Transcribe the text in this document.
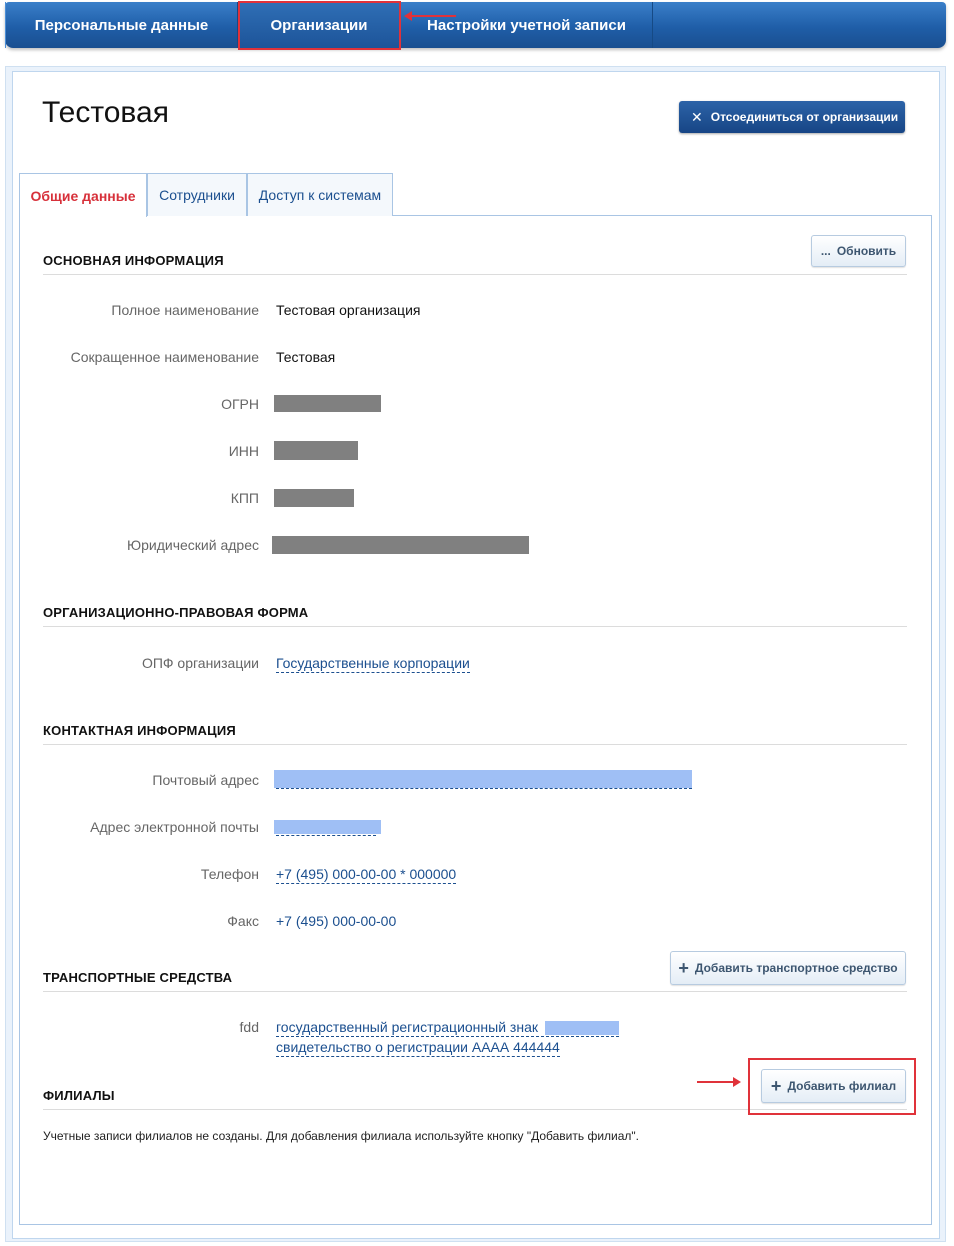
Персональные данные	Организации	Настройки учетной записи
Тестовая	✕ Отсоединиться от организации
Общие данные	Сотрудники	Доступ к системам
ОСНОВНАЯ ИНФОРМАЦИЯ
... Обновить
Полное наименование Тестовая организация
Сокращенное наименование Тестовая
ОГРН
ИНН
КПП
Юридический адрес
ОРГАНИЗАЦИОННО-ПРАВОВАЯ ФОРМА
ОПФ организации Государственные корпорации
КОНТАКТНАЯ ИНФОРМАЦИЯ
Почтовый адрес
Адрес электронной почты
Телефон +7 (495) 000-00-00 * 000000
Факс +7 (495) 000-00-00
ТРАНСПОРТНЫЕ СРЕДСТВА	+ Добавить транспортное средство
fdd государственный регистрационный знак
свидетельство о регистрации АААА 444444
ФИЛИАЛЫ	+ Добавить филиал
Учетные записи филиалов не созданы. Для добавления филиала используйте кнопку "Добавить филиал".
